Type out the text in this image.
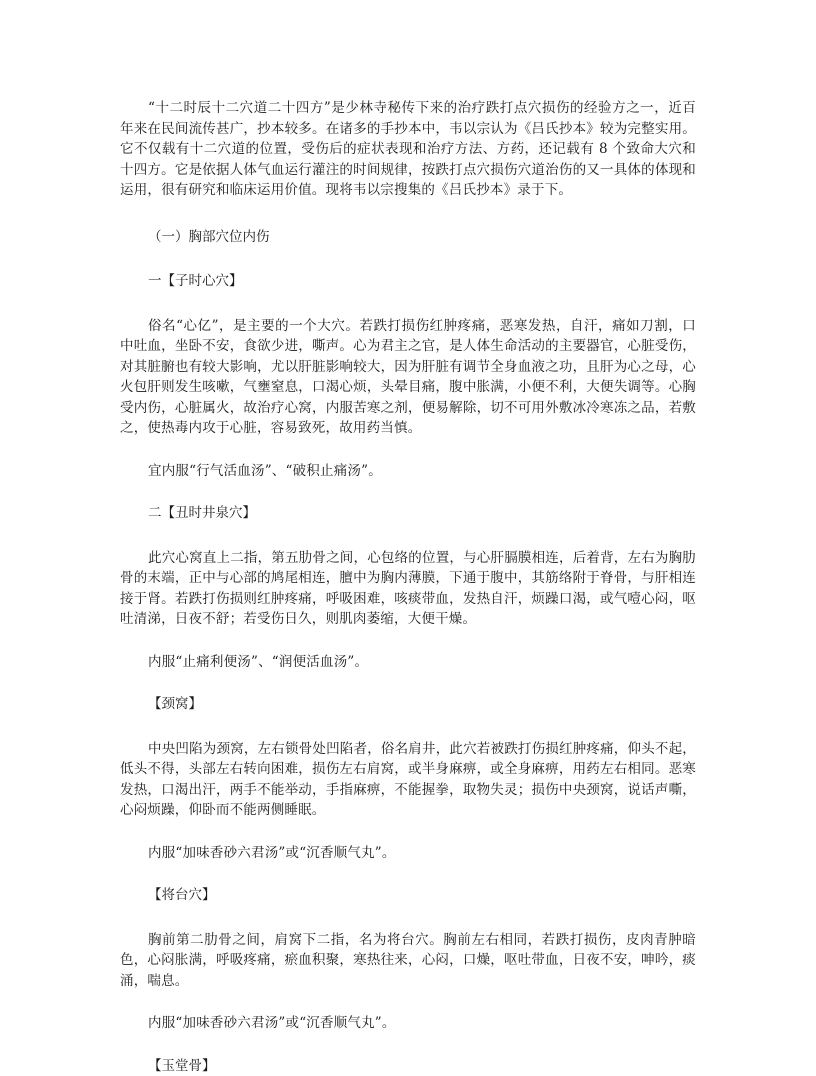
“十二时辰十二穴道二十四方”是少林寺秘传下来的治疗跌打点穴损伤的经验方之一，近百年来在民间流传甚广，抄本较多。在诸多的手抄本中，韦以宗认为《吕氏抄本》较为完整实用。它不仅载有十二穴道的位置，受伤后的症状表现和治疗方法、方药，还记载有 8 个致命大穴和十四方。它是依据人体气血运行灌注的时间规律，按跌打点穴损伤穴道治伤的又一具体的体现和运用，很有研究和临床运用价值。现将韦以宗搜集的《吕氏抄本》录于下。

（一）胸部穴位内伤

一【子时心穴】

俗名“心亿”，是主要的一个大穴。若跌打损伤红肿疼痛，恶寒发热，自汗，痛如刀割，口中吐血，坐卧不安，食欲少进，嘶声。心为君主之官，是人体生命活动的主要器官，心脏受伤，对其脏腑也有较大影响，尤以肝脏影响较大，因为肝脏有调节全身血液之功，且肝为心之母，心火包肝则发生咳嗽，气壅窒息，口渴心烦，头晕目痛，腹中胀满，小便不利，大便失调等。心胸受内伤，心脏属火，故治疗心窝，内服苦寒之剂，便易解除，切不可用外敷冰冷寒冻之品，若敷之，使热毒内攻于心脏，容易致死，故用药当慎。

宜内服“行气活血汤”、“破积止痛汤”。

二【丑时井泉穴】

此穴心窝直上二指，第五肋骨之间，心包络的位置，与心肝膈膜相连，后着背，左右为胸肋骨的末端，正中与心部的鸠尾相连，膻中为胸内薄膜，下通于腹中，其筋络附于脊骨，与肝相连接于肾。若跌打伤损则红肿疼痛，呼吸困难，咳痰带血，发热自汗，烦躁口渴，或气噎心闷，呕吐清涕，日夜不舒；若受伤日久，则肌肉萎缩，大便干燥。

内服“止痛利便汤”、“润便活血汤”。

【颈窝】

中央凹陷为颈窝，左右锁骨处凹陷者，俗名肩井，此穴若被跌打伤损红肿疼痛，仰头不起，低头不得，头部左右转向困难，损伤左右肩窝，或半身麻痹，或全身麻痹，用药左右相同。恶寒发热，口渴出汗，两手不能举动，手指麻痹，不能握拳，取物失灵；损伤中央颈窝，说话声嘶，心闷烦躁，仰卧而不能两侧睡眠。

内服“加味香砂六君汤”或“沉香顺气丸”。

【将台穴】

胸前第二肋骨之间，肩窝下二指，名为将台穴。胸前左右相同，若跌打损伤，皮肉青肿暗色，心闷胀满，呼吸疼痛，瘀血积聚，寒热往来，心闷，口燥，呕吐带血，日夜不安，呻吟，痰涌，喘息。

内服“加味香砂六君汤”或“沉香顺气丸”。

【玉堂骨】
